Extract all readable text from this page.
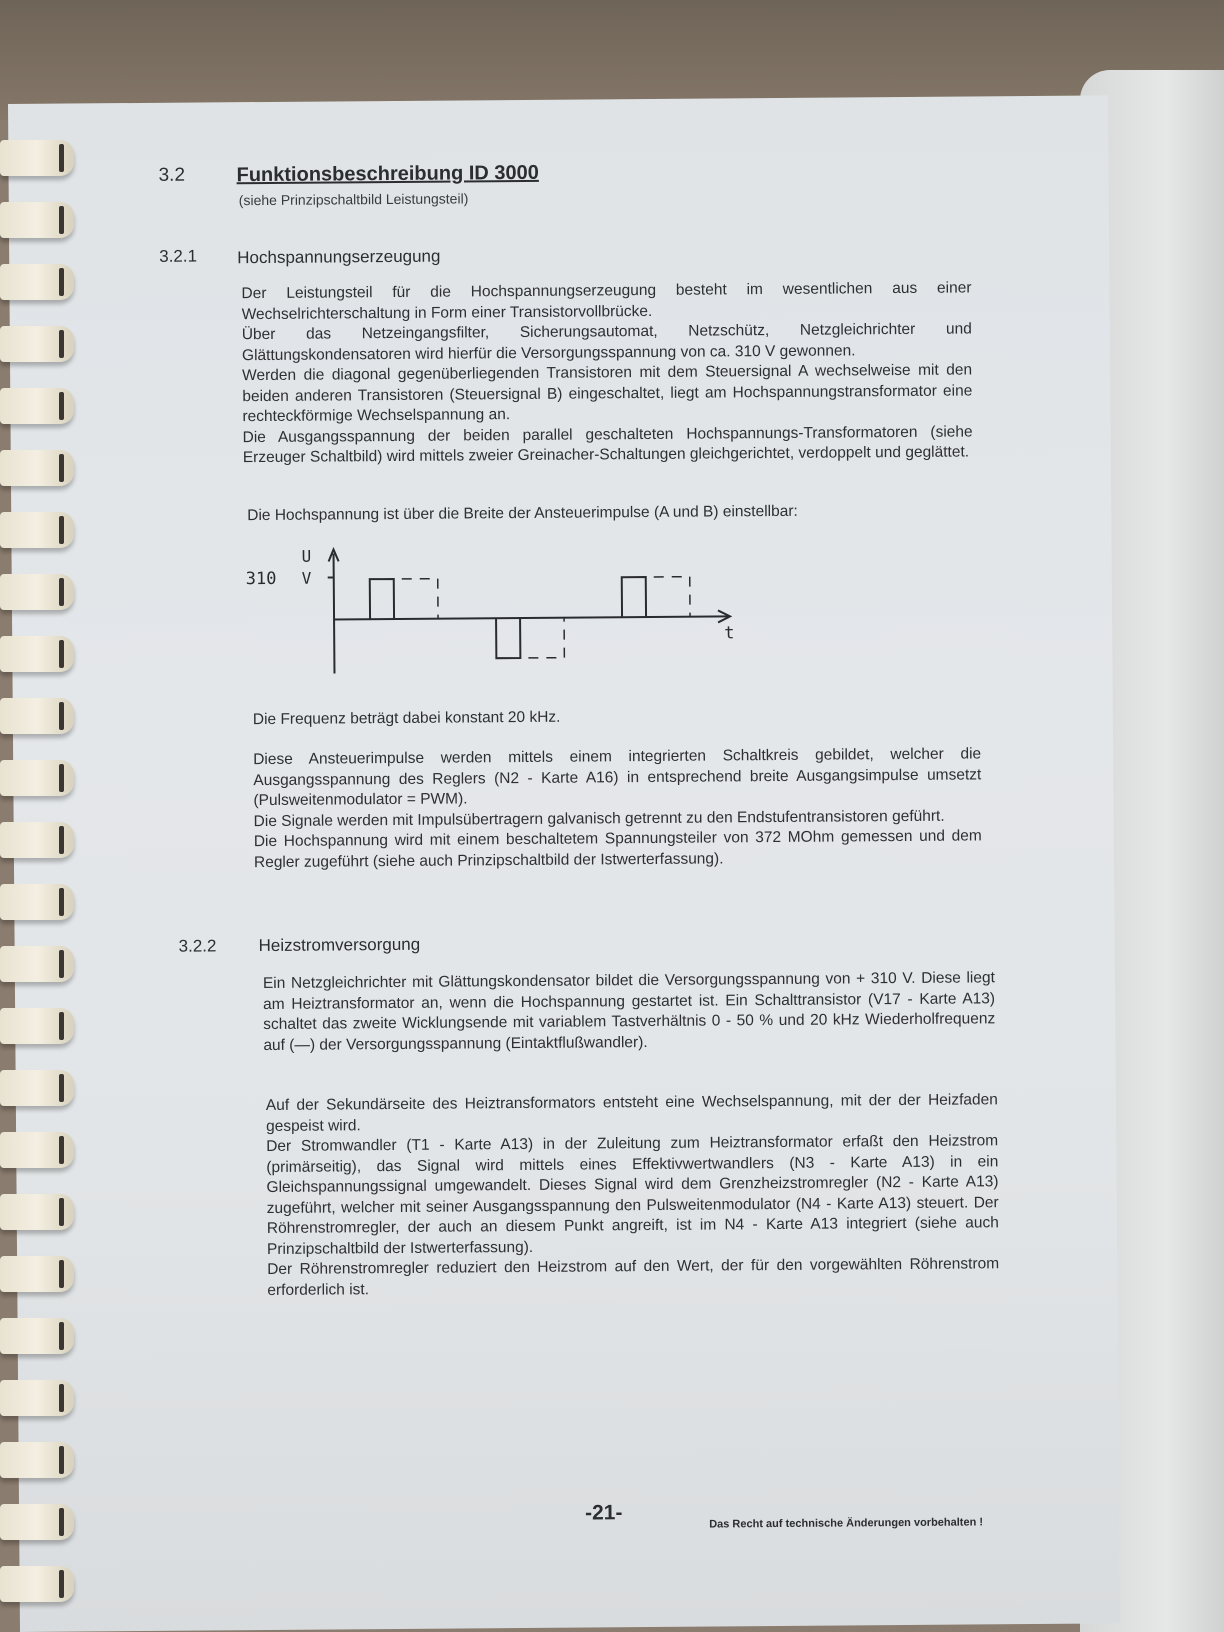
3.2	Funktionsbeschreibung ID 3000
(siehe Prinzipschaltbild Leistungsteil)
3.2.1 Hochspannungserzeugung

Der Leistungsteil für die Hochspannungserzeugung besteht im wesentlichen aus einer Wechselrichterschaltung in Form einer Transistorvollbrücke.

Über das Netzeingangsfilter, Sicherungsautomat, Netzschütz, Netzgleichrichter und Glättungskondensatoren wird hierfür die Versorgungsspannung von ca. 310 V gewonnen.

Werden die diagonal gegenüberliegenden Transistoren mit dem Steuersignal A wechselweise mit den beiden anderen Transistoren (Steuersignal B) eingeschaltet, liegt am Hochspannungstransformator eine rechteckförmige Wechselspannung an.

Die Ausgangsspannung der beiden parallel geschalteten Hochspannungs-Transformatoren (siehe Erzeuger Schaltbild) wird mittels zweier Greinacher-Schaltungen gleichgerichtet, verdoppelt und geglättet.

Die Hochspannung ist über die Breite der Ansteuerimpulse (A und B) einstellbar:
U
310 V
t
Die Frequenz beträgt dabei konstant 20 kHz.

Diese Ansteuerimpulse werden mittels einem integrierten Schaltkreis gebildet, welcher die Ausgangsspannung des Reglers (N2 - Karte A16) in entsprechend breite Ausgangsimpulse umsetzt (Pulsweitenmodulator = PWM).

Die Signale werden mit Impulsübertragern galvanisch getrennt zu den Endstufentransistoren geführt.

Die Hochspannung wird mit einem beschaltetem Spannungsteiler von 372 MOhm gemessen und dem Regler zugeführt (siehe auch Prinzipschaltbild der Istwerterfassung).

3.2.2 Heizstromversorgung
Ein Netzgleichrichter mit Glättungskondensator bildet die Versorgungsspannung von + 310 V. Diese liegt am Heiztransformator an, wenn die Hochspannung gestartet ist. Ein Schalttransistor (V17 - Karte A13) schaltet das zweite Wicklungsende mit variablem Tastverhältnis 0 - 50 % und 20 kHz Wiederholfrequenz auf (—) der Versorgungsspannung (Eintaktflußwandler).

Auf der Sekundärseite des Heiztransformators entsteht eine Wechselspannung, mit der der Heizfaden gespeist wird.

Der Stromwandler (T1 - Karte A13) in der Zuleitung zum Heiztransformator erfaßt den Heizstrom (primärseitig), das Signal wird mittels eines Effektivwertwandlers (N3 - Karte A13) in ein Gleichspannungssignal umgewandelt. Dieses Signal wird dem Grenzheizstromregler (N2 - Karte A13) zugeführt, welcher mit seiner Ausgangsspannung den Pulsweitenmodulator (N4 - Karte A13) steuert. Der Röhrenstromregler, der auch an diesem Punkt angreift, ist im N4 - Karte A13 integriert (siehe auch Prinzipschaltbild der Istwerterfassung).

Der Röhrenstromregler reduziert den Heizstrom auf den Wert, der für den vorgewählten Röhrenstrom erforderlich ist.

-21-	Das Recht auf technische Änderungen vorbehalten !
